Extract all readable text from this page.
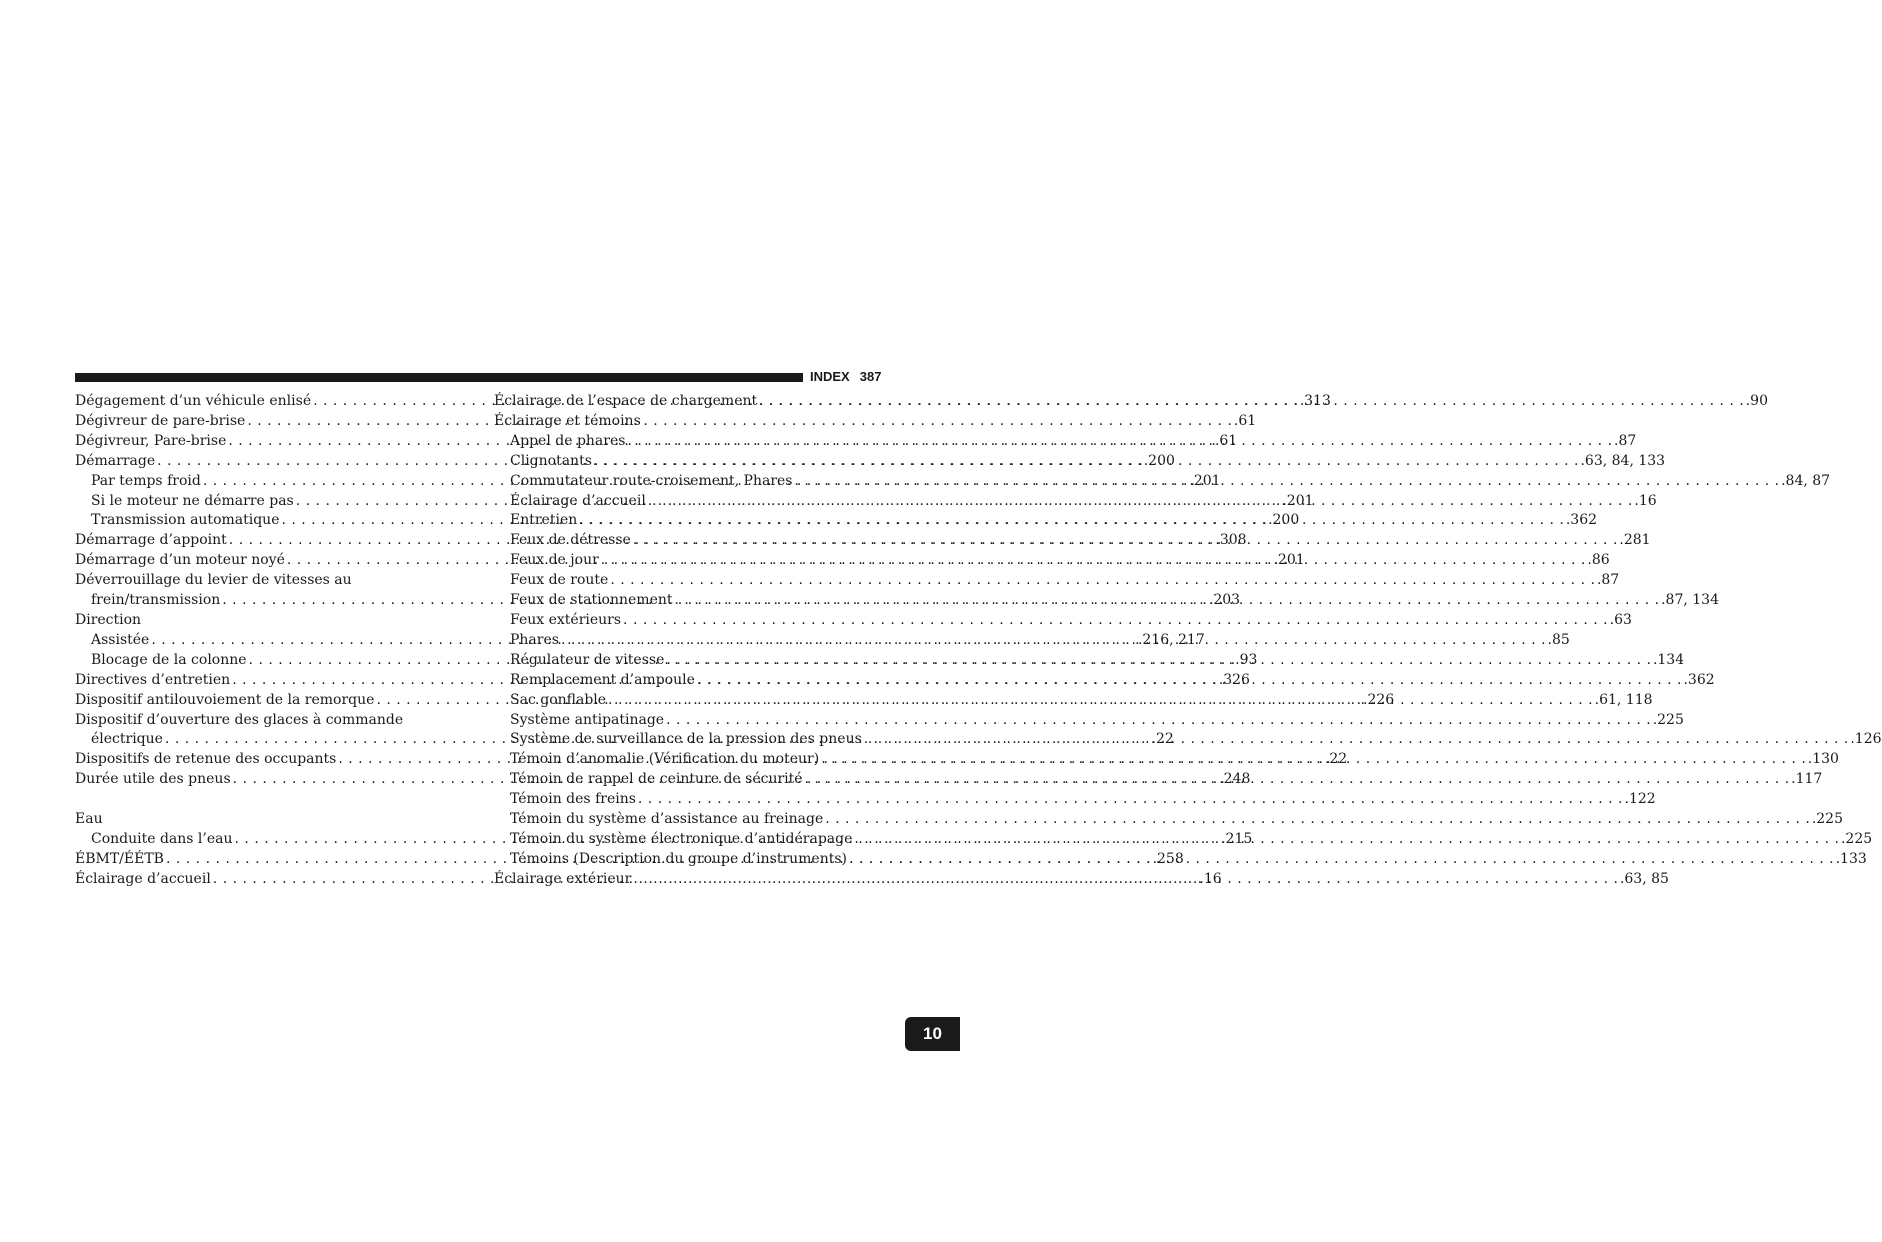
INDEX 387
10
Dégagement d’un véhicule enlisé . . .	.313
Dégivreur de pare-brise . . .	.61
Dégivreur, Pare-brise . . .	.61
Démarrage . . .	.200
Par temps froid . . .	.201
Si le moteur ne démarre pas . . .	.201
Transmission automatique . . .	.200
Démarrage d’appoint . . .	.308
Démarrage d’un moteur noyé . . .	.201
Déverrouillage du levier de vitesses au
frein/transmission . . .	.203
Direction
Assistée . . .	.216, 217
Blocage de la colonne . . .	.93
Directives d’entretien . . .	.326
Dispositif antilouvoiement de la remorque . . .	.226
Dispositif d’ouverture des glaces à commande
électrique . . .	.22
Dispositifs de retenue des occupants . . .	.22
Durée utile des pneus . . .	.248
Eau
Conduite dans l’eau . . .	.215
ÉBMT/ÉÉTB . . .	.258
Éclairage d’accueil . . .	.16
Éclairage de l’espace de chargement . . .	.90
Éclairage et témoins
Appel de phares . . .	.87
Clignotants . . .	.63, 84, 133
Commutateur route-croisement, Phares . . .	.84, 87
Éclairage d’accueil . . .	.16
Entretien . . .	.362
Feux de détresse . . .	.281
Feux de jour . . .	.86
Feux de route . . .	.87
Feux de stationnement . . .	.87, 134
Feux extérieurs . . .	.63
Phares . . .	.85
Régulateur de vitesse . . .	.134
Remplacement d’ampoule . . .	.362
Sac gonflable . . .	.61, 118
Système antipatinage . . .	.225
Système de surveillance de la pression des pneus . . .	.126
Témoin d’anomalie (Vérification du moteur) . . .	.130
Témoin de rappel de ceinture de sécurité . . .	.117
Témoin des freins . . .	.122
Témoin du système d’assistance au freinage . . .	.225
Témoin du système électronique d’antidérapage . . .	.225
Témoins (Description du groupe d’instruments) . . .	.133
Éclairage extérieur . . .	.63, 85
